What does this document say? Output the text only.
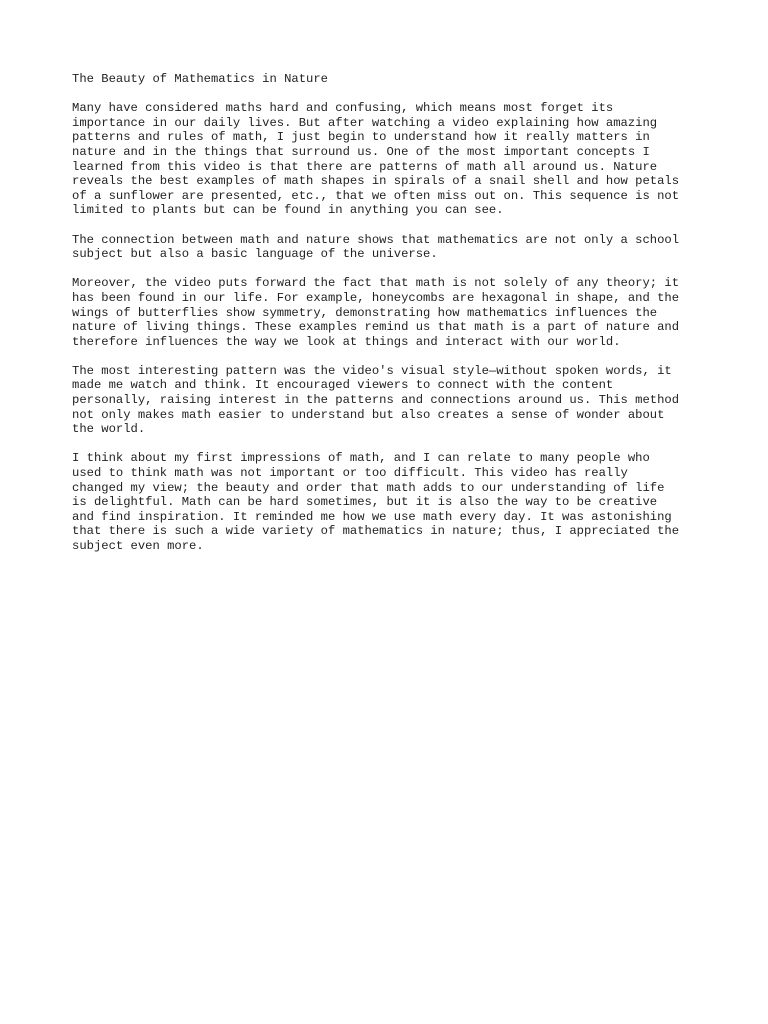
The Beauty of Mathematics in Nature
Many have considered maths hard and confusing, which means most forget its
importance in our daily lives. But after watching a video explaining how amazing
patterns and rules of math, I just begin to understand how it really matters in
nature and in the things that surround us. One of the most important concepts I
learned from this video is that there are patterns of math all around us. Nature
reveals the best examples of math shapes in spirals of a snail shell and how petals
of a sunflower are presented, etc., that we often miss out on. This sequence is not
limited to plants but can be found in anything you can see.
The connection between math and nature shows that mathematics are not only a school
subject but also a basic language of the universe.
Moreover, the video puts forward the fact that math is not solely of any theory; it
has been found in our life. For example, honeycombs are hexagonal in shape, and the
wings of butterflies show symmetry, demonstrating how mathematics influences the
nature of living things. These examples remind us that math is a part of nature and
therefore influences the way we look at things and interact with our world.
The most interesting pattern was the video's visual style—without spoken words, it
made me watch and think. It encouraged viewers to connect with the content
personally, raising interest in the patterns and connections around us. This method
not only makes math easier to understand but also creates a sense of wonder about
the world.
I think about my first impressions of math, and I can relate to many people who
used to think math was not important or too difficult. This video has really
changed my view; the beauty and order that math adds to our understanding of life
is delightful. Math can be hard sometimes, but it is also the way to be creative
and find inspiration. It reminded me how we use math every day. It was astonishing
that there is such a wide variety of mathematics in nature; thus, I appreciated the
subject even more.
